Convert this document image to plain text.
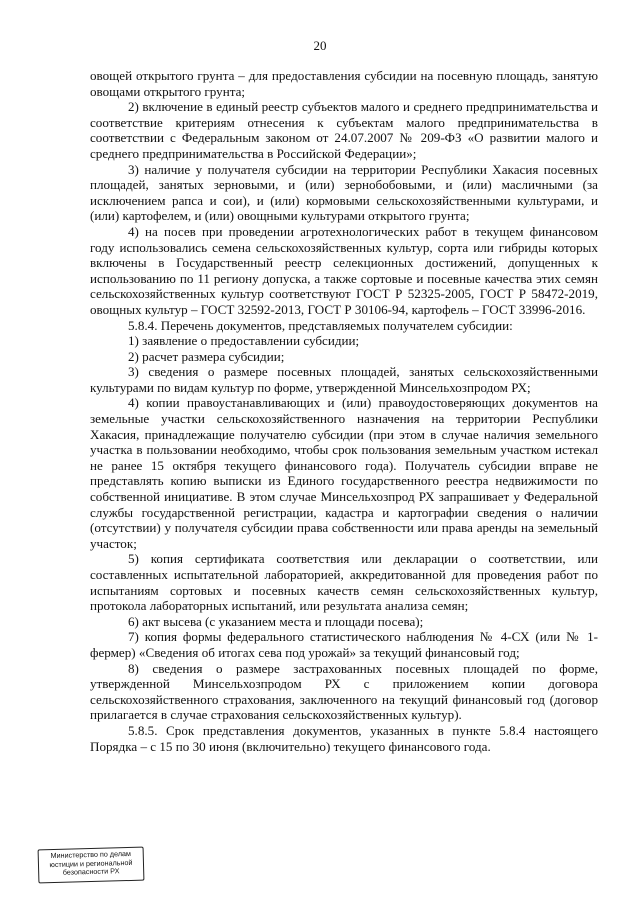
20

овощей открытого грунта – для предоставления субсидии на посевную площадь, занятую овощами открытого грунта;

2) включение в единый реестр субъектов малого и среднего предпринимательства и соответствие критериям отнесения к субъектам малого предпринимательства в соответствии с Федеральным законом от 24.07.2007 № 209-ФЗ «О развитии малого и среднего предпринимательства в Российской Федерации»;

3) наличие у получателя субсидии на территории Республики Хакасия посевных площадей, занятых зерновыми, и (или) зернобобовыми, и (или) масличными (за исключением рапса и сои), и (или) кормовыми сельскохозяйственными культурами, и (или) картофелем, и (или) овощными культурами открытого грунта;

4) на посев при проведении агротехнологических работ в текущем финансовом году использовались семена сельскохозяйственных культур, сорта или гибриды которых включены в Государственный реестр селекционных достижений, допущенных к использованию по 11 региону допуска, а также сортовые и посевные качества этих семян сельскохозяйственных культур соответствуют ГОСТ Р 52325-2005, ГОСТ Р 58472-2019, овощных культур – ГОСТ 32592-2013, ГОСТ Р 30106-94, картофель – ГОСТ 33996-2016.

5.8.4. Перечень документов, представляемых получателем субсидии:

1) заявление о предоставлении субсидии;

2) расчет размера субсидии;

3) сведения о размере посевных площадей, занятых сельскохозяйственными культурами по видам культур по форме, утвержденной Минсельхозпродом РХ;

4) копии правоустанавливающих и (или) правоудостоверяющих документов на земельные участки сельскохозяйственного назначения на территории Республики Хакасия, принадлежащие получателю субсидии (при этом в случае наличия земельного участка в пользовании необходимо, чтобы срок пользования земельным участком истекал не ранее 15 октября текущего финансового года). Получатель субсидии вправе не представлять копию выписки из Единого государственного реестра недвижимости по собственной инициативе. В этом случае Минсельхозпрод РХ запрашивает у Федеральной службы государственной регистрации, кадастра и картографии сведения о наличии (отсутствии) у получателя субсидии права собственности или права аренды на земельный участок;

5) копия сертификата соответствия или декларации о соответствии, или составленных испытательной лабораторией, аккредитованной для проведения работ по испытаниям сортовых и посевных качеств семян сельскохозяйственных культур, протокола лабораторных испытаний, или результата анализа семян;

6) акт высева (с указанием места и площади посева);

7) копия формы федерального статистического наблюдения № 4-СХ (или № 1-фермер) «Сведения об итогах сева под урожай» за текущий финансовый год;

8) сведения о размере застрахованных посевных площадей по форме, утвержденной Минсельхозпродом РХ с приложением копии договора сельскохозяйственного страхования, заключенного на текущий финансовый год (договор прилагается в случае страхования сельскохозяйственных культур).

5.8.5. Срок представления документов, указанных в пункте 5.8.4 настоящего Порядка – с 15 по 30 июня (включительно) текущего финансового года.

Министерство по делам
юстиции и региональной
безопасности РХ
